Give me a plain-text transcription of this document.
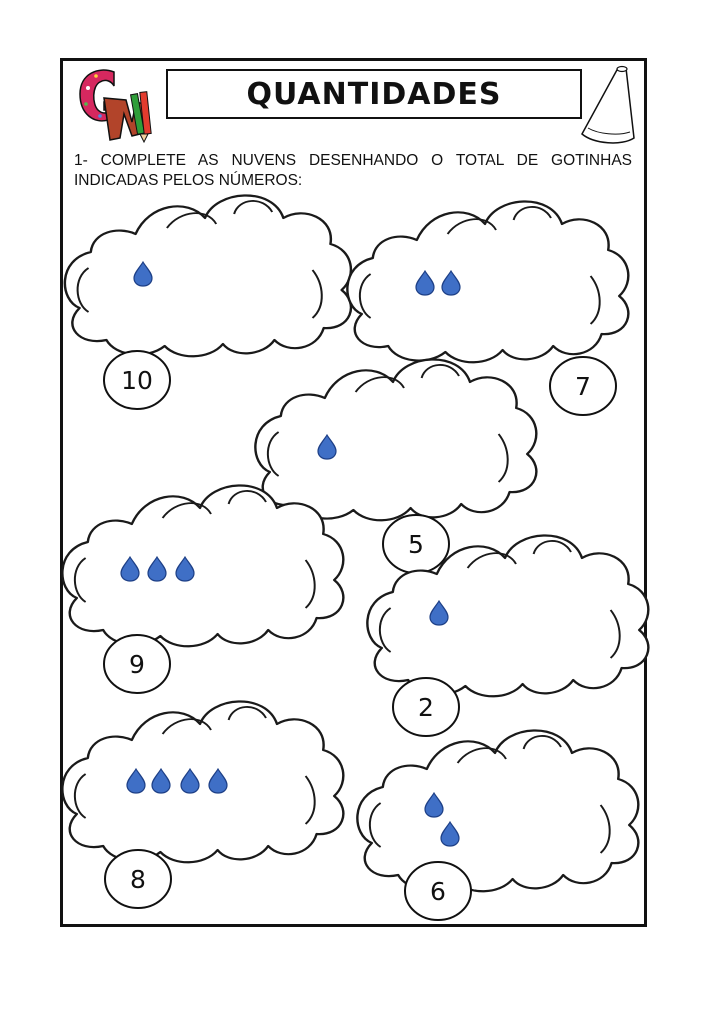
QUANTIDADES
1- COMPLETE AS NUVENS DESENHANDO O TOTAL DE GOTINHAS

INDICADAS PELOS NÚMEROS:
10	7
5
9
2
8	6
